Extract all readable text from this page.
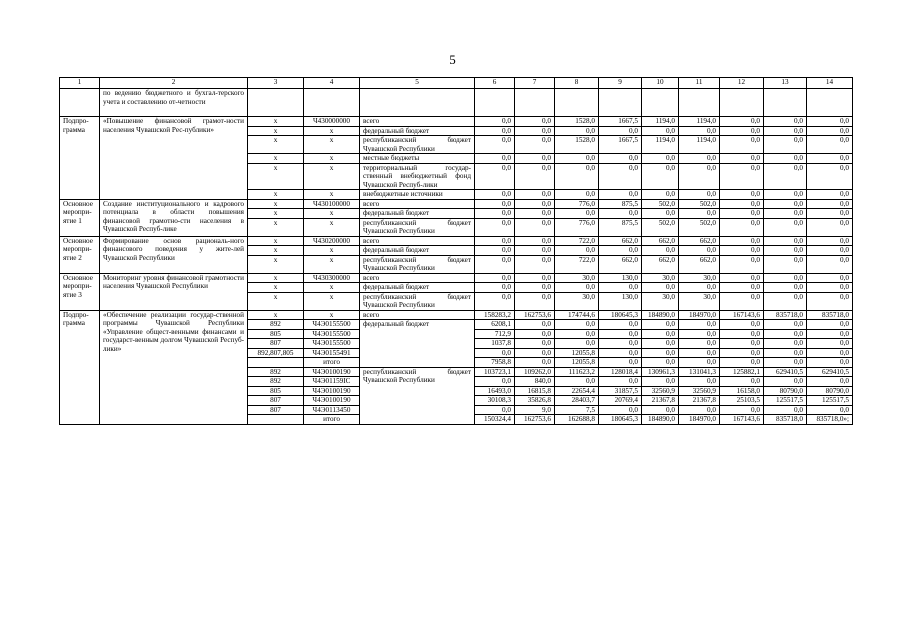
5
1	2	3	4	5	6	7	8	9	10	11	12	13	14
	по ведению бюджетного и бухгал-терского учета и составлению от-четности												
Подпро-грамма	«Повышение финансовой грамот-ности населения Чувашской Рес-публики»	x	Ч430000000	всего	0,0	0,0	1528,0	1667,5	1194,0	1194,0	0,0	0,0	0,0
		x	x	федеральный бюджет	0,0	0,0	0,0	0,0	0,0	0,0	0,0	0,0	0,0
		x	x	республиканский бюджет Чувашской Республики	0,0	0,0	1528,0	1667,5	1194,0	1194,0	0,0	0,0	0,0
		x	x	местные бюджеты	0,0	0,0	0,0	0,0	0,0	0,0	0,0	0,0	0,0
		x	x	территориальный государ-ственный внебюджетный фонд Чувашской Респуб-лики	0,0	0,0	0,0	0,0	0,0	0,0	0,0	0,0	0,0
		x	x	внебюджетные источники	0,0	0,0	0,0	0,0	0,0	0,0	0,0	0,0	0,0
Основное меропри-ятие 1	Создание институционального и кадрового потенциала в области повышения финансовой грамотно-сти населения в Чувашской Респуб-лике	x	Ч430100000	всего	0,0	0,0	776,0	875,5	502,0	502,0	0,0	0,0	0,0
		x	x	федеральный бюджет	0,0	0,0	0,0	0,0	0,0	0,0	0,0	0,0	0,0
		x	x	республиканский бюджет Чувашской Республики	0,0	0,0	776,0	875,5	502,0	502,0	0,0	0,0	0,0
Основное меропри-ятие 2	Формирование основ рациональ-ного финансового поведения у жите-лей Чувашской Республики	x	Ч430200000	всего	0,0	0,0	722,0	662,0	662,0	662,0	0,0	0,0	0,0
		x	x	федеральный бюджет	0,0	0,0	0,0	0,0	0,0	0,0	0,0	0,0	0,0
		x	x	республиканский бюджет Чувашской Республики	0,0	0,0	722,0	662,0	662,0	662,0	0,0	0,0	0,0
Основное меропри-ятие 3	Мониторинг уровня финансовой грамотности населения Чувашской Республики	x	Ч430300000	всего	0,0	0,0	30,0	130,0	30,0	30,0	0,0	0,0	0,0
		x	x	федеральный бюджет	0,0	0,0	0,0	0,0	0,0	0,0	0,0	0,0	0,0
		x	x	республиканский бюджет Чувашской Республики	0,0	0,0	30,0	130,0	30,0	30,0	0,0	0,0	0,0
Подпро-грамма	«Обеспечение реализации государ-ственной программы Чувашской Республики «Управление общест-венными финансами и государст-венным долгом Чувашской Респуб-лики»	x	x	всего	158283,2	162753,6	174744,6	180645,3	184890,0	184970,0	167143,6	835718,0	835718,0
		892	Ч4Э0155500	федеральный бюджет	6208,1	0,0	0,0	0,0	0,0	0,0	0,0	0,0	0,0
		805	Ч4Э0155500		712,9	0,0	0,0	0,0	0,0	0,0	0,0	0,0	0,0
		807	Ч4Э0155500		1037,8	0,0	0,0	0,0	0,0	0,0	0,0	0,0	0,0
		892,807,805	Ч4Э0155491		0,0	0,0	12055,8	0,0	0,0	0,0	0,0	0,0	0,0
			итого		7958,8	0,0	12055,8	0,0	0,0	0,0	0,0	0,0	0,0
		892	Ч4Э0100190	республиканский бюджет Чувашской Республики	103723,1	109262,0	111623,2	128018,4	130961,3	131041,3	125882,1	629410,5	629410,5
		892	Ч4Э01159IC		0,0	840,0	0,0	0,0	0,0	0,0	0,0	0,0	0,0
		805	Ч4Э0100190		16493,0	16815,8	22654,4	31857,5	32560,9	32560,9	16158,0	80790,0	80790,0
		807	Ч4Э0100190		30108,3	35826,8	28403,7	20769,4	21367,8	21367,8	25103,5	125517,5	125517,5
		807	Ч4Э0113450		0,0	9,0	7,5	0,0	0,0	0,0	0,0	0,0	0,0
			итого		150324,4	162753,6	162688,8	180645,3	184890,0	184970,0	167143,6	835718,0	835718,0»;
